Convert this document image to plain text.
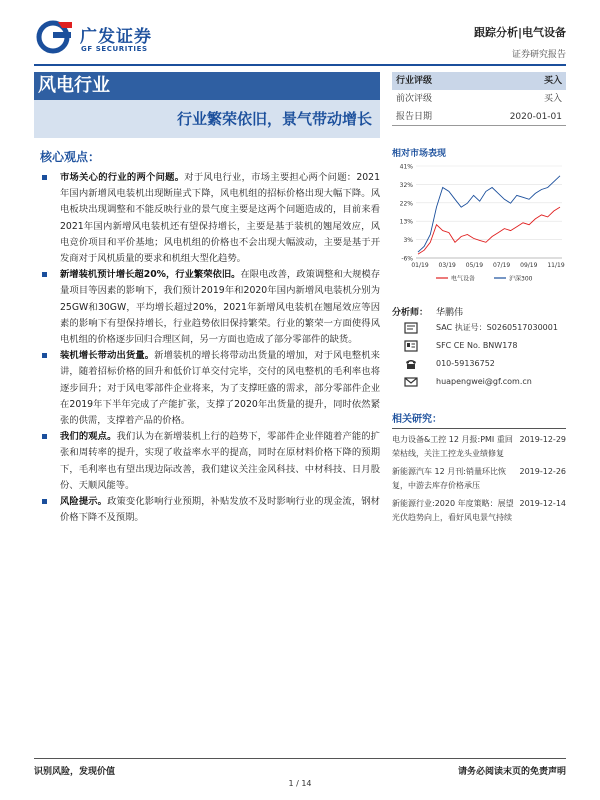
广发证券
GF SECURITIES
跟踪分析|电气设备
证券研究报告
风电行业
行业繁荣依旧，景气带动增长
行业评级	买入
前次评级	买入
报告日期	2020-01-01
相对市场表现
41%
32%
22%
13%
3%
-6%
01/19 03/19 05/19 07/19 09/19 11/19
电气设备	沪深300
核心观点：
市场关心的行业的两个问题。对于风电行业，市场主要担心两个问题：2021年国内新增风电装机出现断崖式下降，风电机组的招标价格出现大幅下降。风电板块出现调整和不能反映行业的景气度主要是这两个问题造成的，目前来看2021年国内新增风电装机还有望保持增长，主要是基于装机的翘尾效应，风电竞价项目和平价基地；风电机组的价格也不会出现大幅波动，主要是基于开发商对于风机质量的要求和机组大型化趋势。
新增装机预计增长超20%，行业繁荣依旧。在限电改善，政策调整和大规模存量项目等因素的影响下，我们预计2019年和2020年国内新增风电装机分别为25GW和30GW，平均增长超过20%，2021年新增风电装机在翘尾效应等因素的影响下有望保持增长，行业趋势依旧保持繁荣。行业的繁荣一方面使得风电机组的价格逐步回归合理区间，另一方面也造成了部分零部件的缺货。
装机增长带动出货量。新增装机的增长将带动出货量的增加，对于风电整机来讲，随着招标价格的回升和低价订单交付完毕，交付的风电整机的毛利率也将逐步回升；对于风电零部件企业将来，为了支撑旺盛的需求，部分零部件企业在2019年下半年完成了产能扩张，支撑了2020年出货量的提升，同时依然紧张的供需，支撑着产品的价格。
我们的观点。我们认为在新增装机上行的趋势下，零部件企业伴随着产能的扩张和周转率的提升，实现了收益率水平的提高，同时在原材料价格下降的预期下，毛利率也有望出现边际改善，我们建议关注金风科技、中材科技、日月股份、天顺风能等。
风险提示。政策变化影响行业预期，补贴发放不及时影响行业的现金流，钢材价格下降不及预期。
分析师： 华鹏伟
SAC 执证号：S0260517030001
SFC CE No. BNW178
010-59136752
huapengwei@gf.com.cn
相关研究：
电力设备&工控 12 月报:PMI 重回荣枯线，关注工控龙头业绩修复
2019-12-29
新能源汽车 12 月刊:销量环比恢复，中游去库存价格承压
2019-12-26
新能源行业:2020 年度策略：展望光伏趋势向上，看好风电景气持续
2019-12-14
识别风险，发现价值	请务必阅读末页的免责声明
1 / 14
